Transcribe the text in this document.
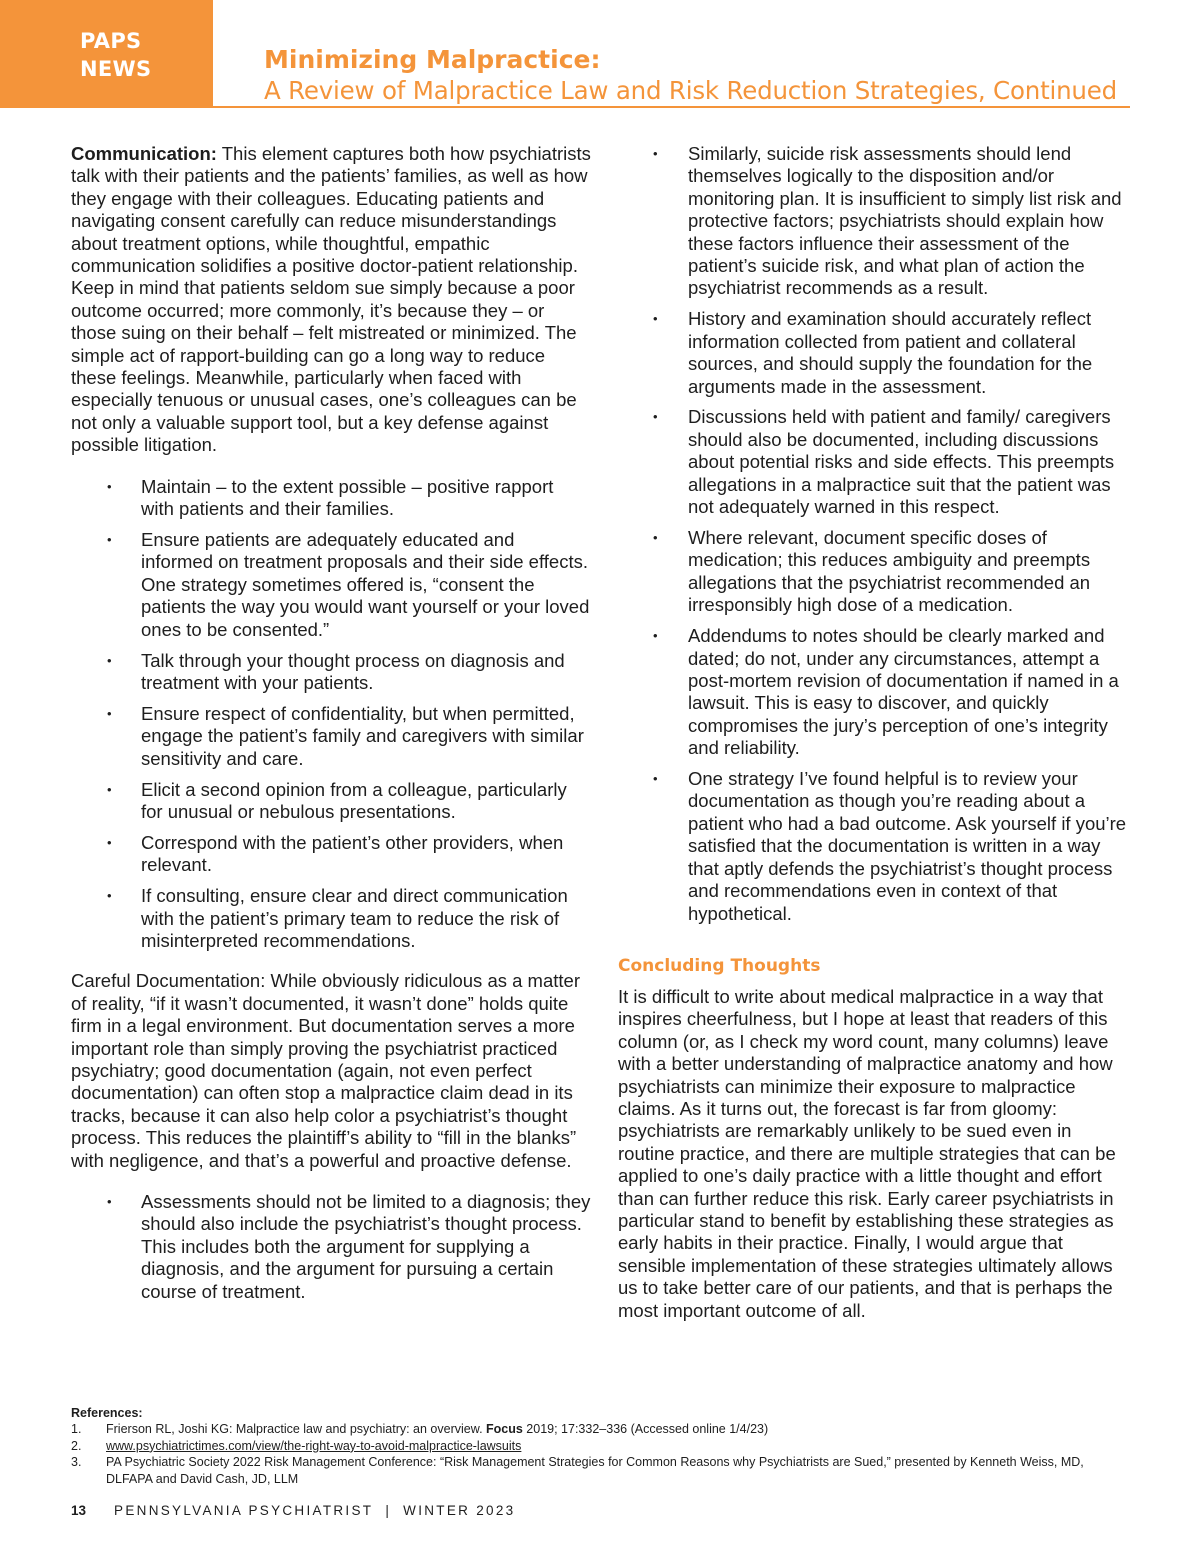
PAPS
NEWS	Minimizing Malpractice:
A Review of Malpractice Law and Risk Reduction Strategies, Continued

Communication: This element captures both how psychiatrists talk with their patients and the patients’ families, as well as how they engage with their colleagues. Educating patients and navigating consent carefully can reduce misunderstandings about treatment options, while thoughtful, empathic communication solidifies a positive doctor-patient relationship. Keep in mind that patients seldom sue simply because a poor outcome occurred; more commonly, it’s because they – or those suing on their behalf – felt mistreated or minimized. The simple act of rapport-building can go a long way to reduce these feelings. Meanwhile, particularly when faced with especially tenuous or unusual cases, one’s colleagues can be not only a valuable support tool, but a key defense against possible litigation.

• Maintain – to the extent possible – positive rapport with patients and their families.
• Ensure patients are adequately educated and informed on treatment proposals and their side effects. One strategy sometimes offered is, “consent the patients the way you would want yourself or your loved ones to be consented.”
• Talk through your thought process on diagnosis and treatment with your patients.
• Ensure respect of confidentiality, but when permitted, engage the patient’s family and caregivers with similar sensitivity and care.
• Elicit a second opinion from a colleague, particularly for unusual or nebulous presentations.
• Correspond with the patient’s other providers, when relevant.
• If consulting, ensure clear and direct communication with the patient’s primary team to reduce the risk of misinterpreted recommendations.

Careful Documentation: While obviously ridiculous as a matter of reality, “if it wasn’t documented, it wasn’t done” holds quite firm in a legal environment. But documentation serves a more important role than simply proving the psychiatrist practiced psychiatry; good documentation (again, not even perfect documentation) can often stop a malpractice claim dead in its tracks, because it can also help color a psychiatrist’s thought process. This reduces the plaintiff’s ability to “fill in the blanks” with negligence, and that’s a powerful and proactive defense.

• Assessments should not be limited to a diagnosis; they should also include the psychiatrist’s thought process. This includes both the argument for supplying a diagnosis, and the argument for pursuing a certain course of treatment.
• Similarly, suicide risk assessments should lend themselves logically to the disposition and/or monitoring plan. It is insufficient to simply list risk and protective factors; psychiatrists should explain how these factors influence their assessment of the patient’s suicide risk, and what plan of action the psychiatrist recommends as a result.
• History and examination should accurately reflect information collected from patient and collateral sources, and should supply the foundation for the arguments made in the assessment.
• Discussions held with patient and family/ caregivers should also be documented, including discussions about potential risks and side effects. This preempts allegations in a malpractice suit that the patient was not adequately warned in this respect.
• Where relevant, document specific doses of medication; this reduces ambiguity and preempts allegations that the psychiatrist recommended an irresponsibly high dose of a medication.
• Addendums to notes should be clearly marked and dated; do not, under any circumstances, attempt a post-mortem revision of documentation if named in a lawsuit. This is easy to discover, and quickly compromises the jury’s perception of one’s integrity and reliability.
• One strategy I’ve found helpful is to review your documentation as though you’re reading about a patient who had a bad outcome. Ask yourself if you’re satisfied that the documentation is written in a way that aptly defends the psychiatrist’s thought process and recommendations even in context of that hypothetical.
Concluding Thoughts

It is difficult to write about medical malpractice in a way that inspires cheerfulness, but I hope at least that readers of this column (or, as I check my word count, many columns) leave with a better understanding of malpractice anatomy and how psychiatrists can minimize their exposure to malpractice claims. As it turns out, the forecast is far from gloomy: psychiatrists are remarkably unlikely to be sued even in routine practice, and there are multiple strategies that can be applied to one’s daily practice with a little thought and effort than can further reduce this risk. Early career psychiatrists in particular stand to benefit by establishing these strategies as early habits in their practice. Finally, I would argue that sensible implementation of these strategies ultimately allows us to take better care of our patients, and that is perhaps the most important outcome of all.

References:
1. Frierson RL, Joshi KG: Malpractice law and psychiatry: an overview. Focus 2019; 17:332–336 (Accessed online 1/4/23)
2. www.psychiatrictimes.com/view/the-right-way-to-avoid-malpractice-lawsuits
3. PA Psychiatric Society 2022 Risk Management Conference: “Risk Management Strategies for Common Reasons why Psychiatrists are Sued,” presented by Kenneth Weiss, MD, DLFAPA and David Cash, JD, LLM
13 PENNSYLVANIA PSYCHIATRIST | WINTER 2023
